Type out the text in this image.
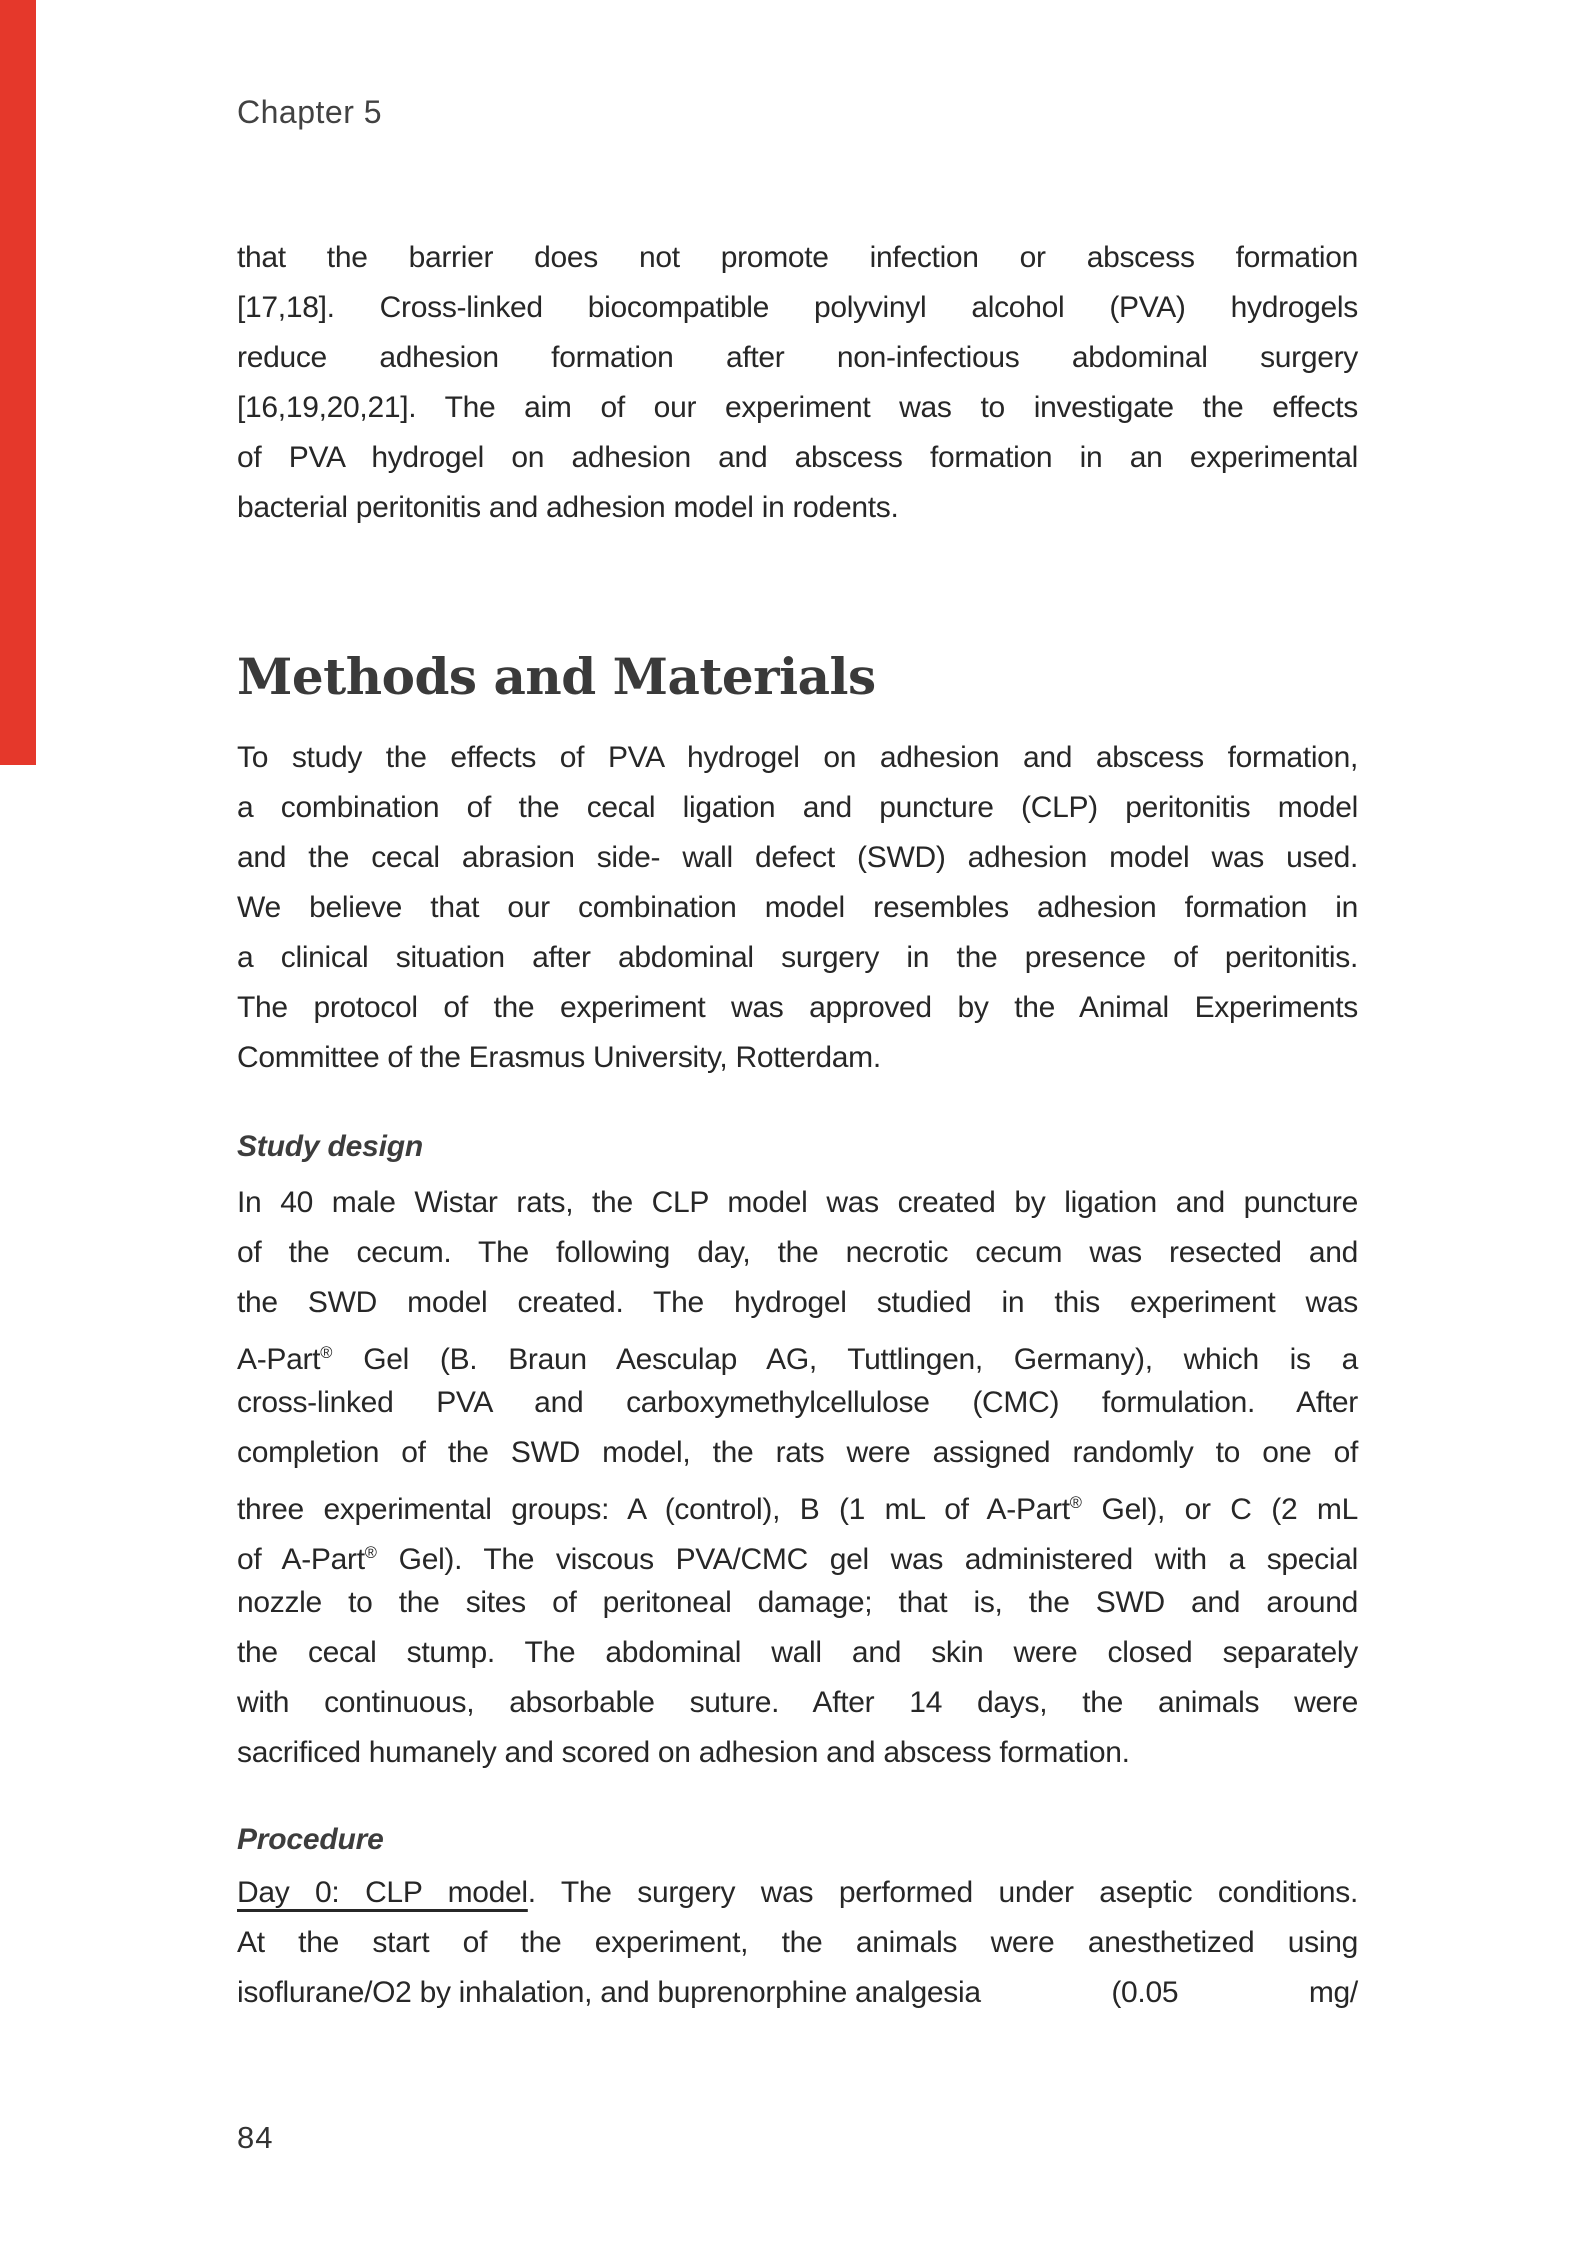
Chapter 5
that the barrier does not promote infection or abscess formation
[17,18]. Cross-linked biocompatible polyvinyl alcohol (PVA) hydrogels
reduce adhesion formation after non-infectious abdominal surgery
[16,19,20,21]. The aim of our experiment was to investigate the effects
of PVA hydrogel on adhesion and abscess formation in an experimental
bacterial peritonitis and adhesion model in rodents.
Methods and Materials
To study the effects of PVA hydrogel on adhesion and abscess formation,
a combination of the cecal ligation and puncture (CLP) peritonitis model
and the cecal abrasion side- wall defect (SWD) adhesion model was used.
We believe that our combination model resembles adhesion formation in
a clinical situation after abdominal surgery in the presence of peritonitis.
The protocol of the experiment was approved by the Animal Experiments
Committee of the Erasmus University, Rotterdam.
Study design
In 40 male Wistar rats, the CLP model was created by ligation and puncture
of the cecum. The following day, the necrotic cecum was resected and
the SWD model created. The hydrogel studied in this experiment was
A-Part® Gel (B. Braun Aesculap AG, Tuttlingen, Germany), which is a
cross-linked PVA and carboxymethylcellulose (CMC) formulation. After
completion of the SWD model, the rats were assigned randomly to one of
three experimental groups: A (control), B (1 mL of A-Part® Gel), or C (2 mL
of A-Part® Gel). The viscous PVA/CMC gel was administered with a special
nozzle to the sites of peritoneal damage; that is, the SWD and around
the cecal stump. The abdominal wall and skin were closed separately
with continuous, absorbable suture. After 14 days, the animals were
sacrificed humanely and scored on adhesion and abscess formation.
Procedure
Day 0: CLP model. The surgery was performed under aseptic conditions.
At the start of the experiment, the animals were anesthetized using
isoflurane/O2 by inhalation, and buprenorphine analgesia	(0.05	mg/
84
